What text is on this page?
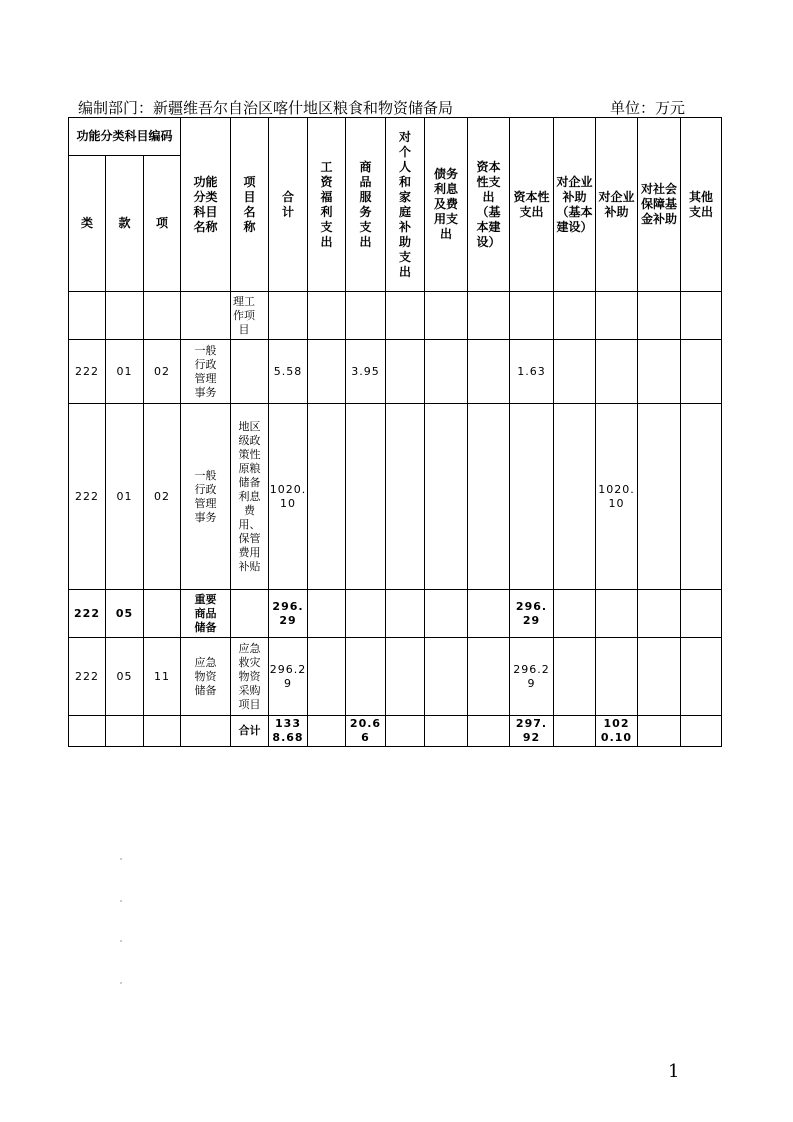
编制部门：新疆维吾尔自治区喀什地区粮食和物资储备局	单位：万元
功能分类科目编码			功能分类科目名称	项目名称	合计	工资福利支出	商品服务支出	对个人和家庭补助支出	债务利息及费用支出	资本性支出（基本建设）	资本性支出	对企业补助（基本建设）	对企业补助	对社会保障基金补助	其他支出

类	款	项													

				理工作项目											

222	01	02	一般行政管理事务		5.58		3.95				1.63				
222	01	02	一般行政管理事务	地区级政策性原粮储备利息费用、保管费用补贴	1020.10								1020.10		

222	05		重要商品储备		296.29						296.29				

222	05	11	应急物资储备	应急救灾物资采购项目	296.29						296.29				

				合计	1338.68		20.66				297.92		1020.10		

1
